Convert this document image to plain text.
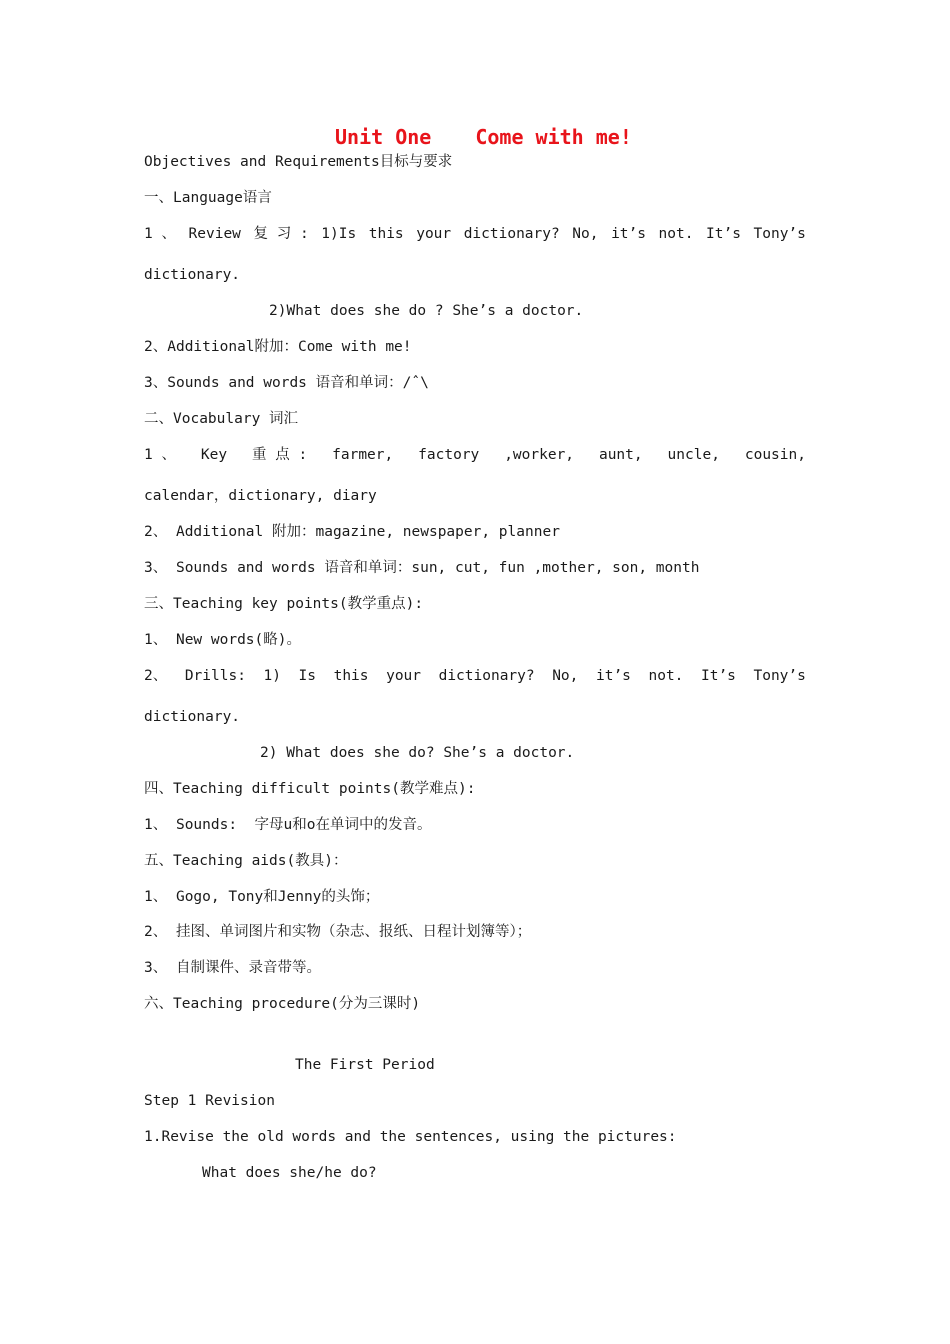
Unit One Come with me!
Objectives and Requirements目标与要求
一、Language语言
1 、 Review 复 习 : 1)Is this your dictionary? No, it’s not. It’s Tony’s
dictionary.
2)What does she do ? She’s a doctor.
2、Additional附加：Come with me!
3、Sounds and words 语音和单词：/ˆ\
二、Vocabulary 词汇
1 、 Key 重 点 : farmer, factory ,worker, aunt, uncle, cousin,
calendar，dictionary, diary
2、 Additional 附加：magazine, newspaper, planner
3、 Sounds and words 语音和单词：sun, cut, fun ,mother, son, month
三、Teaching key points(教学重点):
1、 New words(略)。
2、 Drills: 1) Is this your dictionary? No, it’s not. It’s Tony’s
dictionary.
2) What does she do? She’s a doctor.
四、Teaching difficult points(教学难点):
1、 Sounds:  字母u和o在单词中的发音。
五、Teaching aids(教具)：
1、 Gogo, Tony和Jenny的头饰；
2、 挂图、单词图片和实物（杂志、报纸、日程计划簿等）；
3、 自制课件、录音带等。
六、Teaching procedure(分为三课时)
The First Period
Step 1 Revision
1.Revise the old words and the sentences, using the pictures:
What does she/he do?
